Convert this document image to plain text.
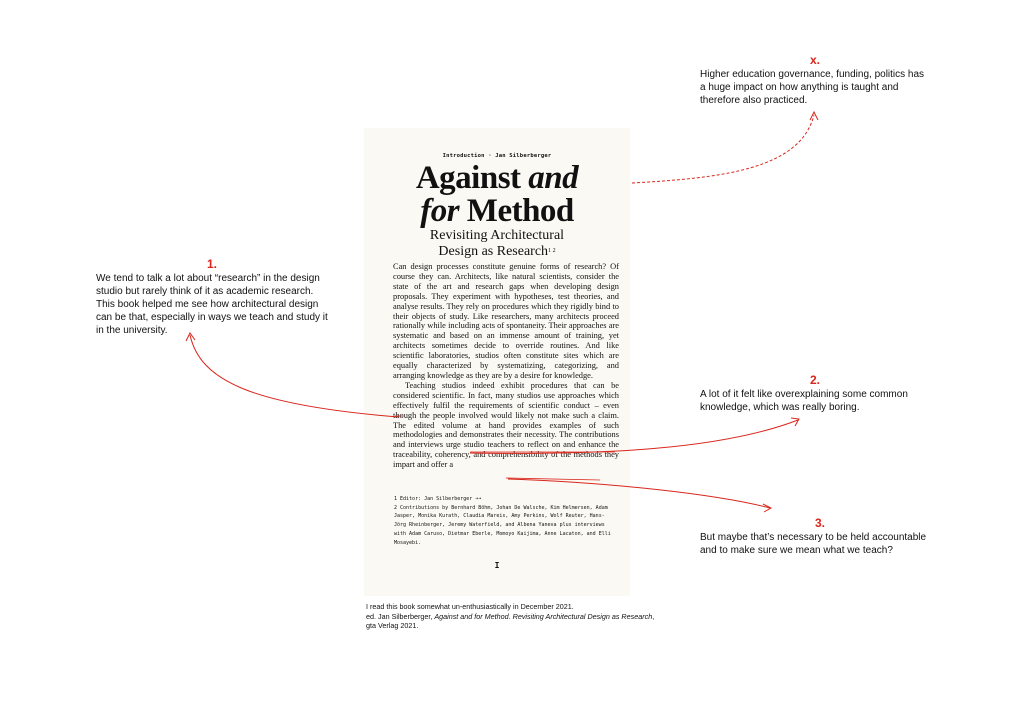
Introduction · Jan Silberberger
Against and
for Method
Revisiting Architectural
Design as Research$^{1 2}$

Can design processes constitute genuine forms of research? Of course they can. Architects, like natural scientists, consider the state of the art and research gaps when developing design proposals. They experiment with hypotheses, test theories, and analyse results. They rely on procedures which they rigidly bind to their objects of study. Like researchers, many architects proceed rationally while including acts of spontaneity. Their approaches are systematic and based on an immense amount of training, yet architects sometimes decide to override routines. And like scientific laboratories, studios often constitute sites which are equally characterized by systematizing, categorizing, and arranging knowledge as they are by a desire for knowledge.

Teaching studios indeed exhibit procedures that can be considered scientific. In fact, many studios use approaches which effectively fulfil the requirements of scientific conduct – even though the people involved would likely not make such a claim. The edited volume at hand provides examples of such methodologies and demonstrates their necessity. The contributions and interviews urge studio teachers to reflect on and enhance the traceability, coherency, and comprehensibility of the methods they impart and offer a

1 Editor: Jan Silberberger ➔➔
2 Contributions by Bernhard Böhm, Johan De Walsche, Kim Helmersen, Adam Jasper, Monika Kurath, Claudia Mareis, Amy Perkins, Wolf Reuter, Hans-Jörg Rheinberger, Jeremy Waterfield, and Albena Yaneva plus interviews with Adam Caruso, Dietmar Eberle, Momoyo Kaijima, Anne Lacaton, and Elli Mosayebi.
I
x.
Higher education governance, funding, politics has a huge impact on how anything is taught and therefore also practiced.
1.
We tend to talk a lot about “research” in the design studio but rarely think of it as academic research. This book helped me see how architectural design can be that, especially in ways we teach and study it in the university.
2.
A lot of it felt like overexplaining some common knowledge, which was really boring.
3.
But maybe that’s necessary to be held accountable and to make sure we mean what we teach?
I read this book somewhat un-enthusiastically in December 2021.
ed. Jan Silberberger, Against and for Method. Revisiting Architectural Design as Research, gta Verlag 2021.
